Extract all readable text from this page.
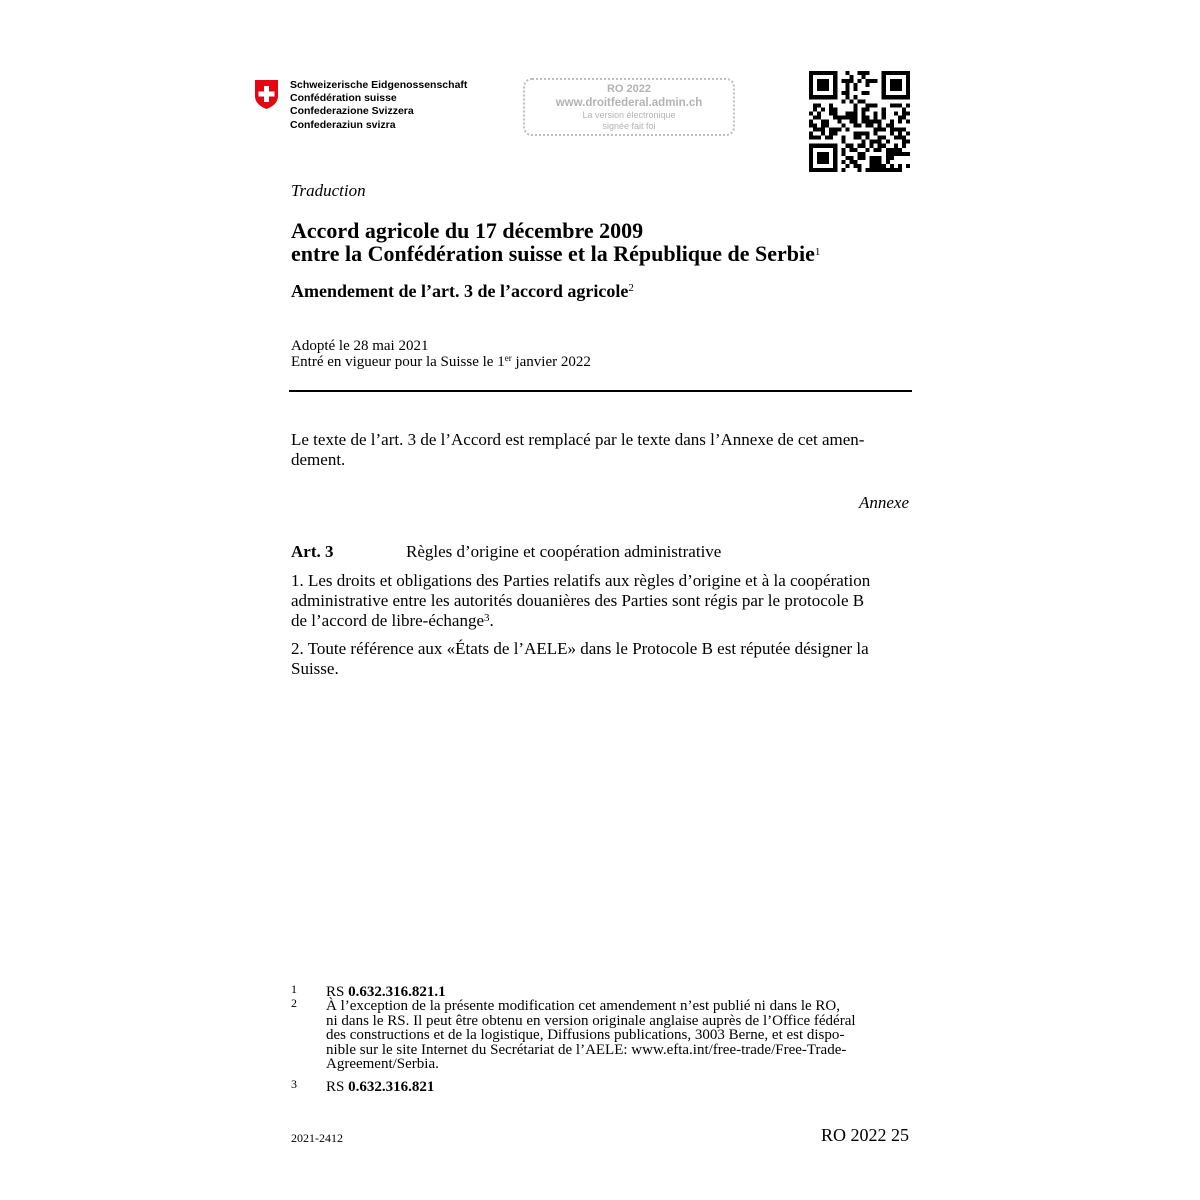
Schweizerische Eidgenossenschaft
Confédération suisse
Confederazione Svizzera
Confederaziun svizra
RO 2022
www.droitfederal.admin.ch
La version électronique
signée fait foi
Traduction
Accord agricole du 17 décembre 2009
entre la Confédération suisse et la République de Serbie$^1$
Amendement de l’art. 3 de l’accord agricole$^2$
Adopté le 28 mai 2021
Entré en vigueur pour la Suisse le 1er janvier 2022
Le texte de l’art. 3 de l’Accord est remplacé par le texte dans l’Annexe de cet amen-
dement.
Annexe
Art. 3	Règles d’origine et coopération administrative
1. Les droits et obligations des Parties relatifs aux règles d’origine et à la coopération
administrative entre les autorités douanières des Parties sont régis par le protocole B
de l’accord de libre-échange$^3$.
2. Toute référence aux «États de l’AELE» dans le Protocole B est réputée désigner la
Suisse.
1 RS 0.632.316.821.1
2 À l’exception de la présente modification cet amendement n’est publié ni dans le RO,
ni dans le RS. Il peut être obtenu en version originale anglaise auprès de l’Office fédéral
des constructions et de la logistique, Diffusions publications, 3003 Berne, et est dispo-
nible sur le site Internet du Secrétariat de l’AELE: www.efta.int/free-trade/Free-Trade-
Agreement/Serbia.
3 RS 0.632.316.821
2021-2412	RO 2022 25
